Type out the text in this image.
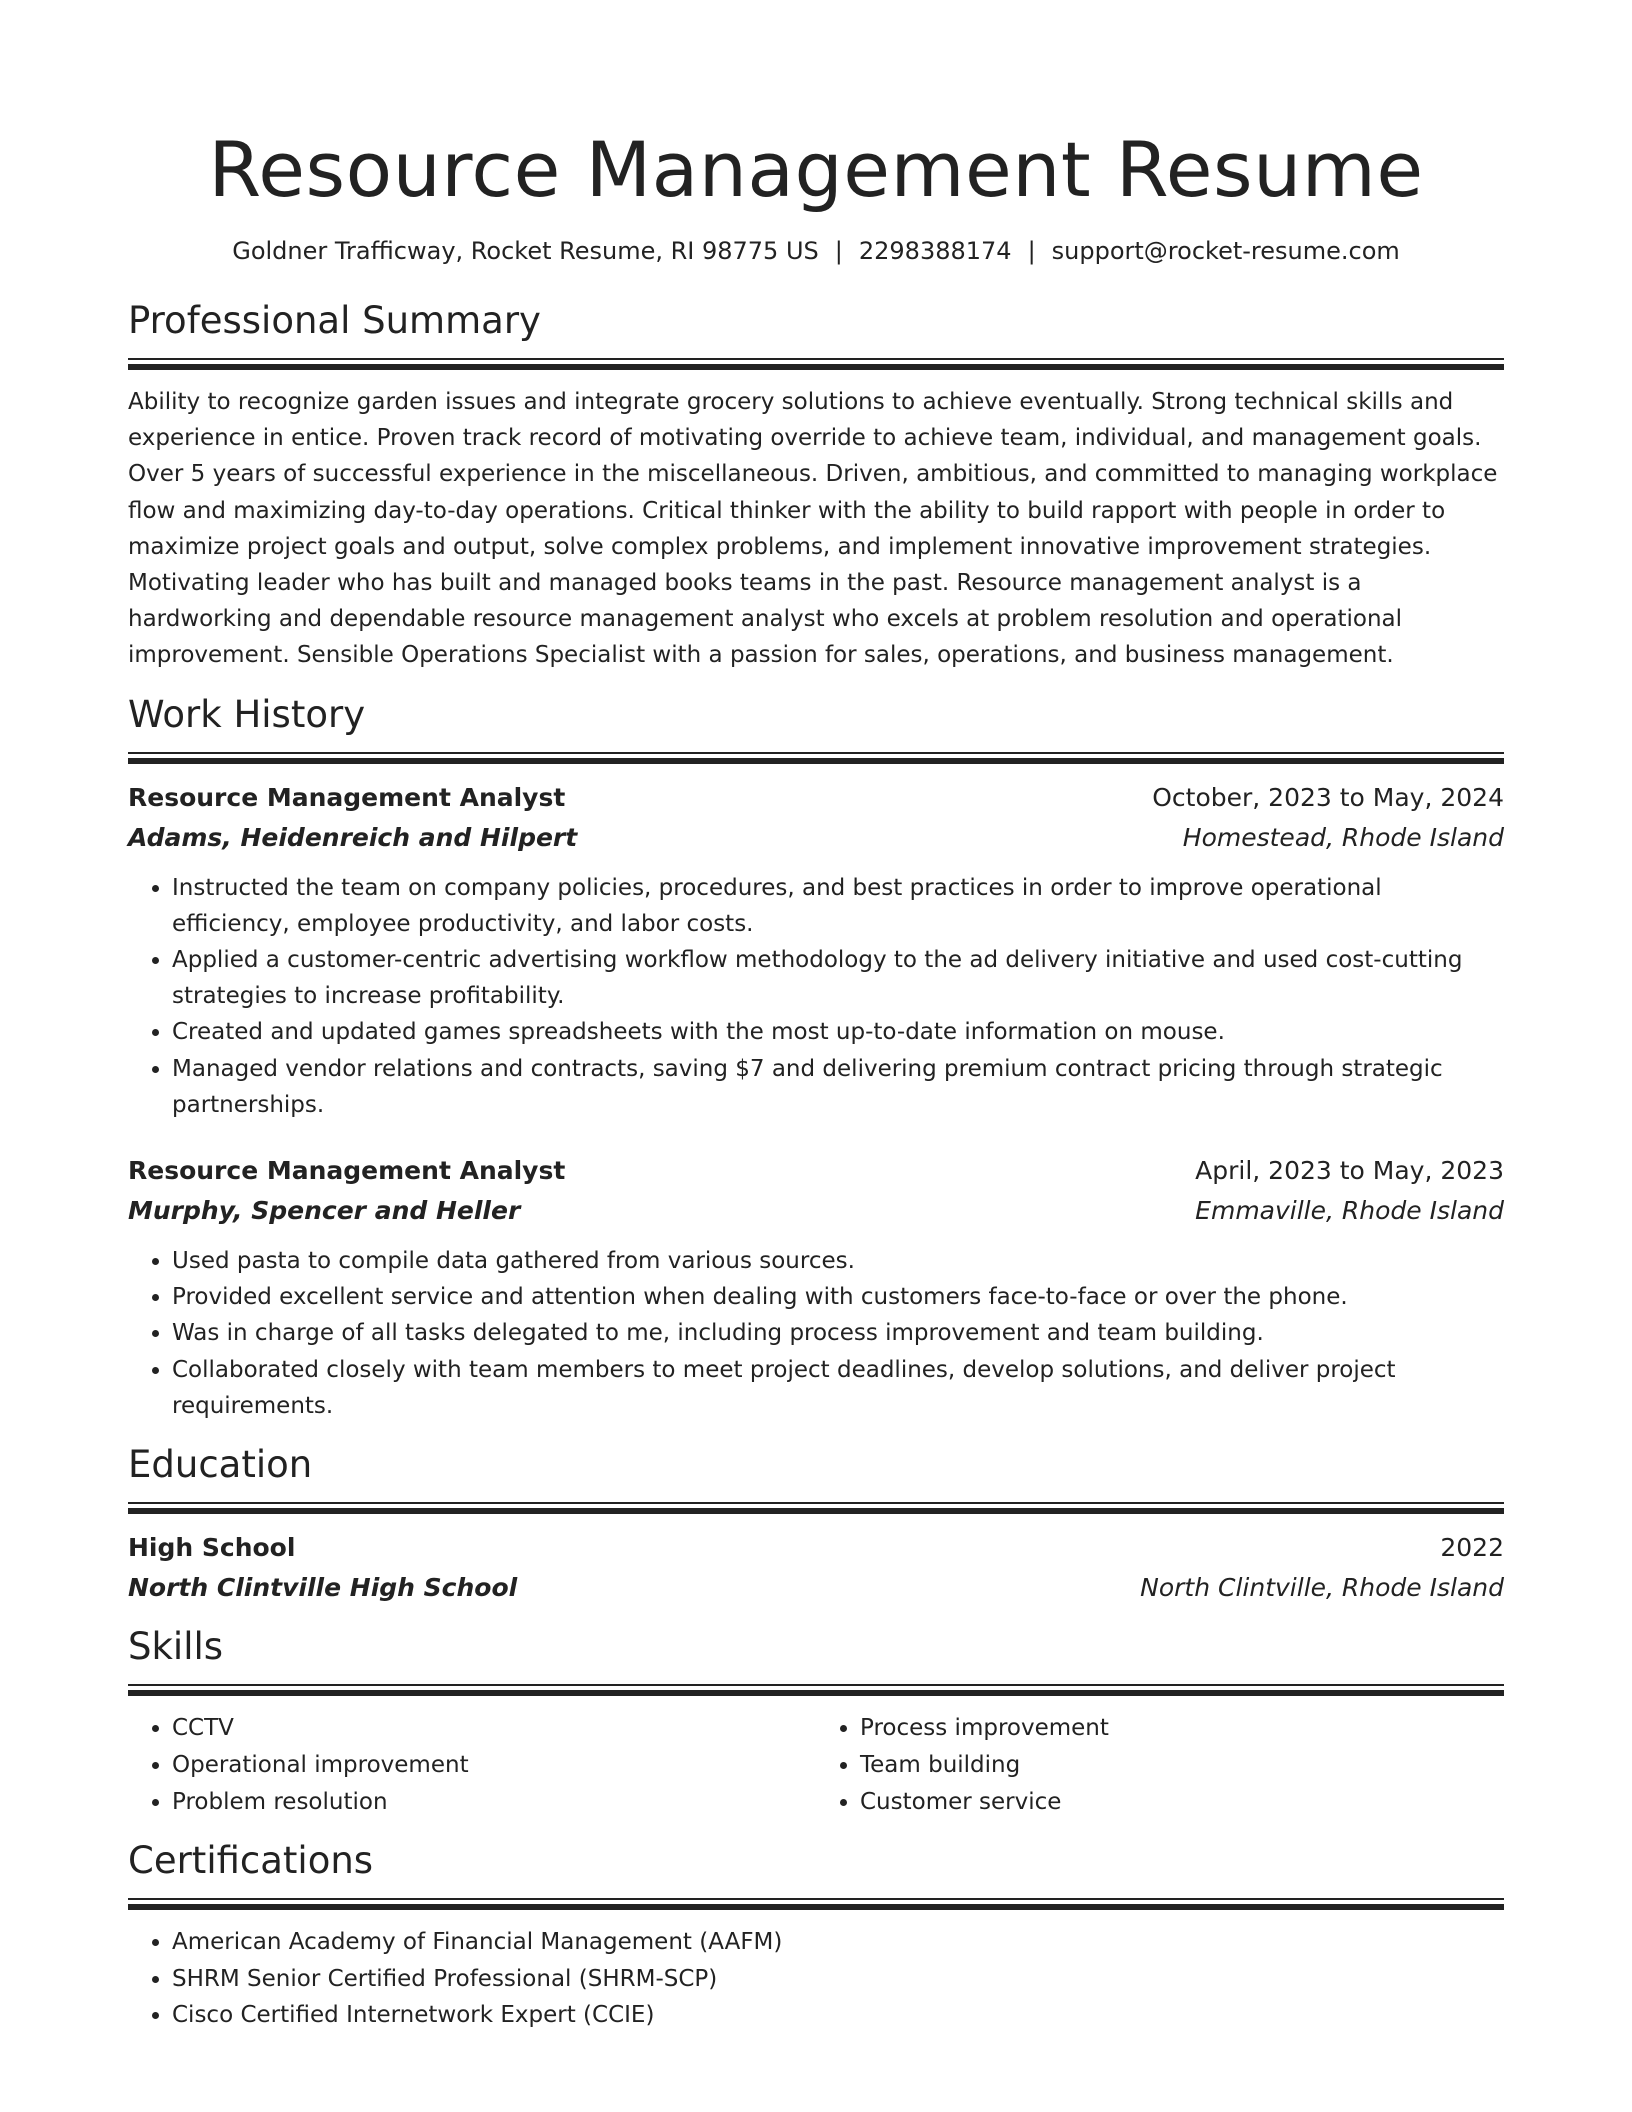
Resource Management Resume
Goldner Trafficway, Rocket Resume, RI 98775 US | 2298388174 | support@rocket-resume.com
Professional Summary

Ability to recognize garden issues and integrate grocery solutions to achieve eventually. Strong technical skills and experience in entice. Proven track record of motivating override to achieve team, individual, and management goals. Over 5 years of successful experience in the miscellaneous. Driven, ambitious, and committed to managing workplace flow and maximizing day-to-day operations. Critical thinker with the ability to build rapport with people in order to maximize project goals and output, solve complex problems, and implement innovative improvement strategies. Motivating leader who has built and managed books teams in the past. Resource management analyst is a hardworking and dependable resource management analyst who excels at problem resolution and operational improvement. Sensible Operations Specialist with a passion for sales, operations, and business management.

Work History
Resource Management Analyst	October, 2023 to May, 2024
Adams, Heidenreich and Hilpert	Homestead, Rhode Island
• Instructed the team on company policies, procedures, and best practices in order to improve operational efficiency, employee productivity, and labor costs.
• Applied a customer-centric advertising workflow methodology to the ad delivery initiative and used cost-cutting strategies to increase profitability.
• Created and updated games spreadsheets with the most up-to-date information on mouse.
• Managed vendor relations and contracts, saving $7 and delivering premium contract pricing through strategic partnerships.
Resource Management Analyst	April, 2023 to May, 2023
Murphy, Spencer and Heller	Emmaville, Rhode Island
• Used pasta to compile data gathered from various sources.
• Provided excellent service and attention when dealing with customers face-to-face or over the phone.
• Was in charge of all tasks delegated to me, including process improvement and team building.
• Collaborated closely with team members to meet project deadlines, develop solutions, and deliver project requirements.
Education
High School	2022
North Clintville High School	North Clintville, Rhode Island
Skills
• CCTV
• Operational improvement
• Problem resolution
• Process improvement
• Team building
• Customer service
Certifications
• American Academy of Financial Management (AAFM)
• SHRM Senior Certified Professional (SHRM-SCP)
• Cisco Certified Internetwork Expert (CCIE)
